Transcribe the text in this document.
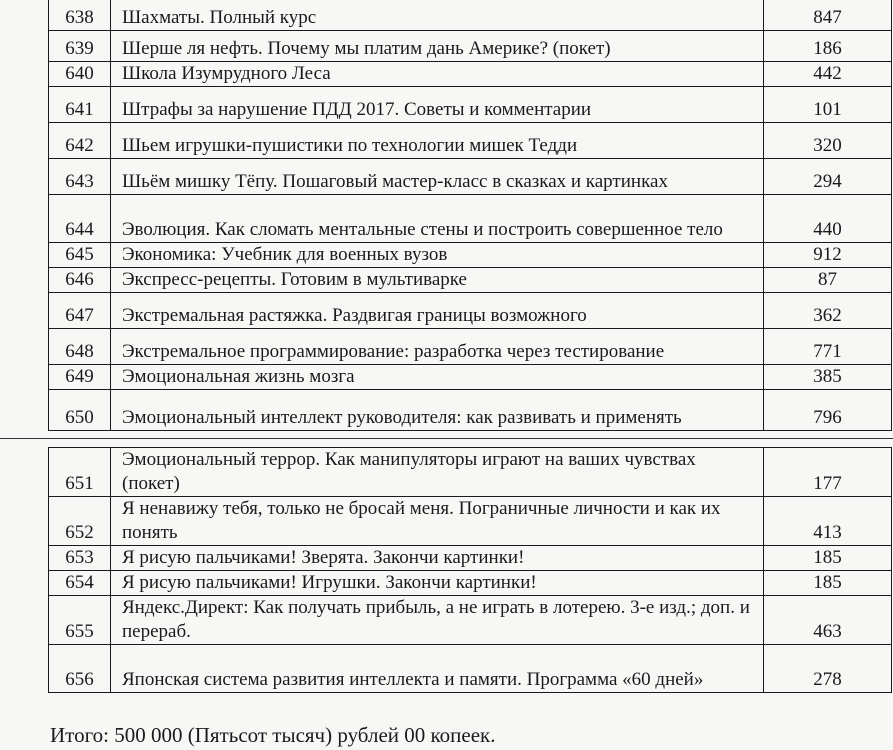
638	Шахматы. Полный курс	847
639	Шерше ля нефть. Почему мы платим дань Америке? (покет)	186
640	Школа Изумрудного Леса	442
641	Штрафы за нарушение ПДД 2017. Советы и комментарии	101
642	Шьем игрушки-пушистики по технологии мишек Тедди	320
643	Шьём мишку Тёпу. Пошаговый мастер-класс в сказках и картинках	294
644	Эволюция. Как сломать ментальные стены и построить совершенное тело	440
645	Экономика: Учебник для военных вузов	912
646	Экспресс-рецепты. Готовим в мультиварке	87
647	Экстремальная растяжка. Раздвигая границы возможного	362
648	Экстремальное программирование: разработка через тестирование	771
649	Эмоциональная жизнь мозга	385
650	Эмоциональный интеллект руководителя: как развивать и применять	796
651	Эмоциональный террор. Как манипуляторы играют на ваших чувствах (покет)	177
652	Я ненавижу тебя, только не бросай меня. Пограничные личности и как их понять	413
653	Я рисую пальчиками! Зверята. Закончи картинки!	185
654	Я рисую пальчиками! Игрушки. Закончи картинки!	185
655	Яндекс.Директ: Как получать прибыль, а не играть в лотерею. 3-е изд.; доп. и перераб.	463
656	Японская система развития интеллекта и памяти. Программа «60 дней»	278
Итого: 500 000 (Пятьсот тысяч) рублей 00 копеек.
